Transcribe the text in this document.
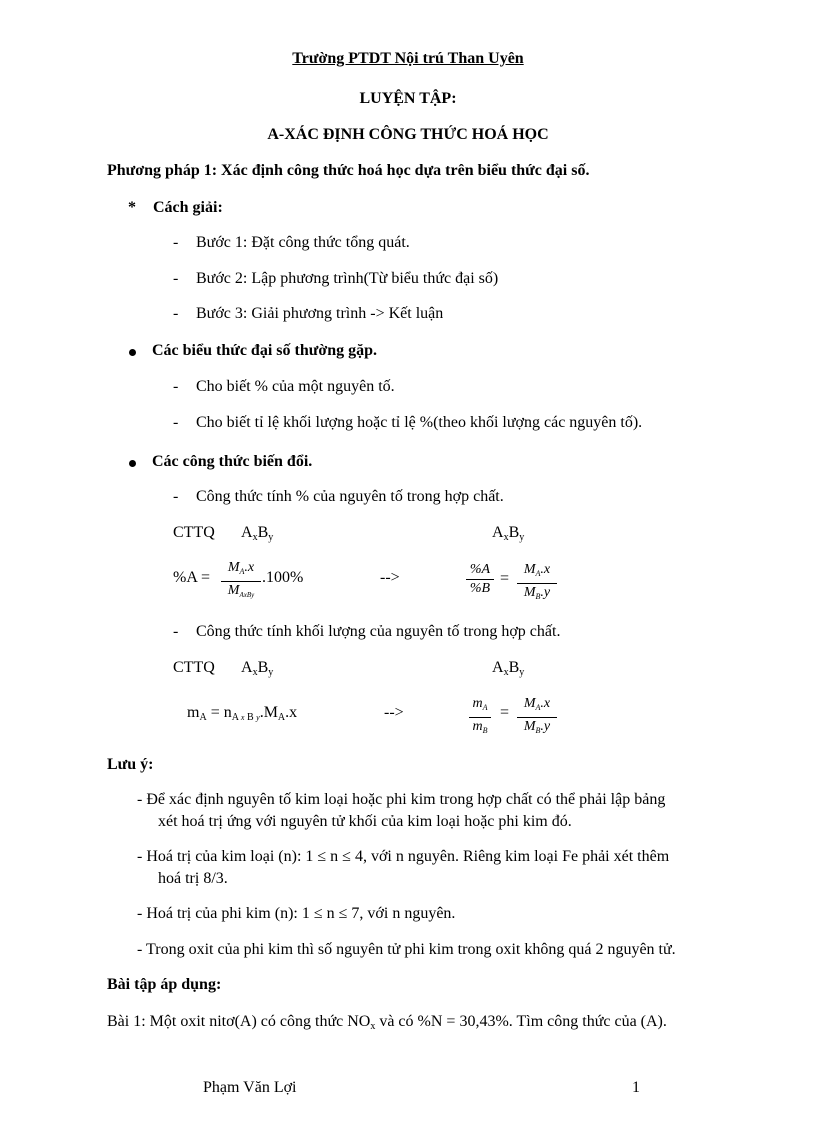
Trường PTDT Nội trú Than Uyên
LUYỆN TẬP:
A-XÁC ĐỊNH CÔNG THỨC HOÁ HỌC
Phương pháp 1: Xác định công thức hoá học dựa trên biểu thức đại số.
* Cách giải:
- Bước 1: Đặt công thức tổng quát.
- Bước 2: Lập phương trình(Từ biểu thức đại số)
- Bước 3: Giải phương trình -> Kết luận
Các biểu thức đại số thường gặp.
- Cho biết % của một nguyên tố.
- Cho biết tỉ lệ khối lượng hoặc tỉ lệ %(theo khối lượng các nguyên tố).
Các công thức biến đổi.
- Công thức tính % của nguyên tố trong hợp chất.
CTTQ $A_xB_y$	$A_xB_y$
%A =
$M_A.x$
$M_{AxBy}$
.100%	-->	$\frac{\%A}{\%B} = \frac{M_A.x}{M_B.y}$
- Công thức tính khối lượng của nguyên tố trong hợp chất.
CTTQ $A_xB_y$	$A_xB_y$
$m_A = n_{A x B y}.M_A.x$	-->	$\frac{m_A}{m_B} = \frac{M_A.x}{M_B.y}$
Lưu ý:
- Để xác định nguyên tố kim loại hoặc phi kim trong hợp chất có thể phải lập bảng
xét hoá trị ứng với nguyên tử khối của kim loại hoặc phi kim đó.
- Hoá trị của kim loại (n): 1 ≤ n ≤ 4, với n nguyên. Riêng kim loại Fe phải xét thêm
hoá trị 8/3.
- Hoá trị của phi kim (n): 1 ≤ n ≤ 7, với n nguyên.
- Trong oxit của phi kim thì số nguyên tử phi kim trong oxit không quá 2 nguyên tử.
Bài tập áp dụng:
Bài 1: Một oxit nitơ(A) có công thức $NO_x$ và có %N = 30,43%. Tìm công thức của (A).
Phạm Văn Lợi	1
